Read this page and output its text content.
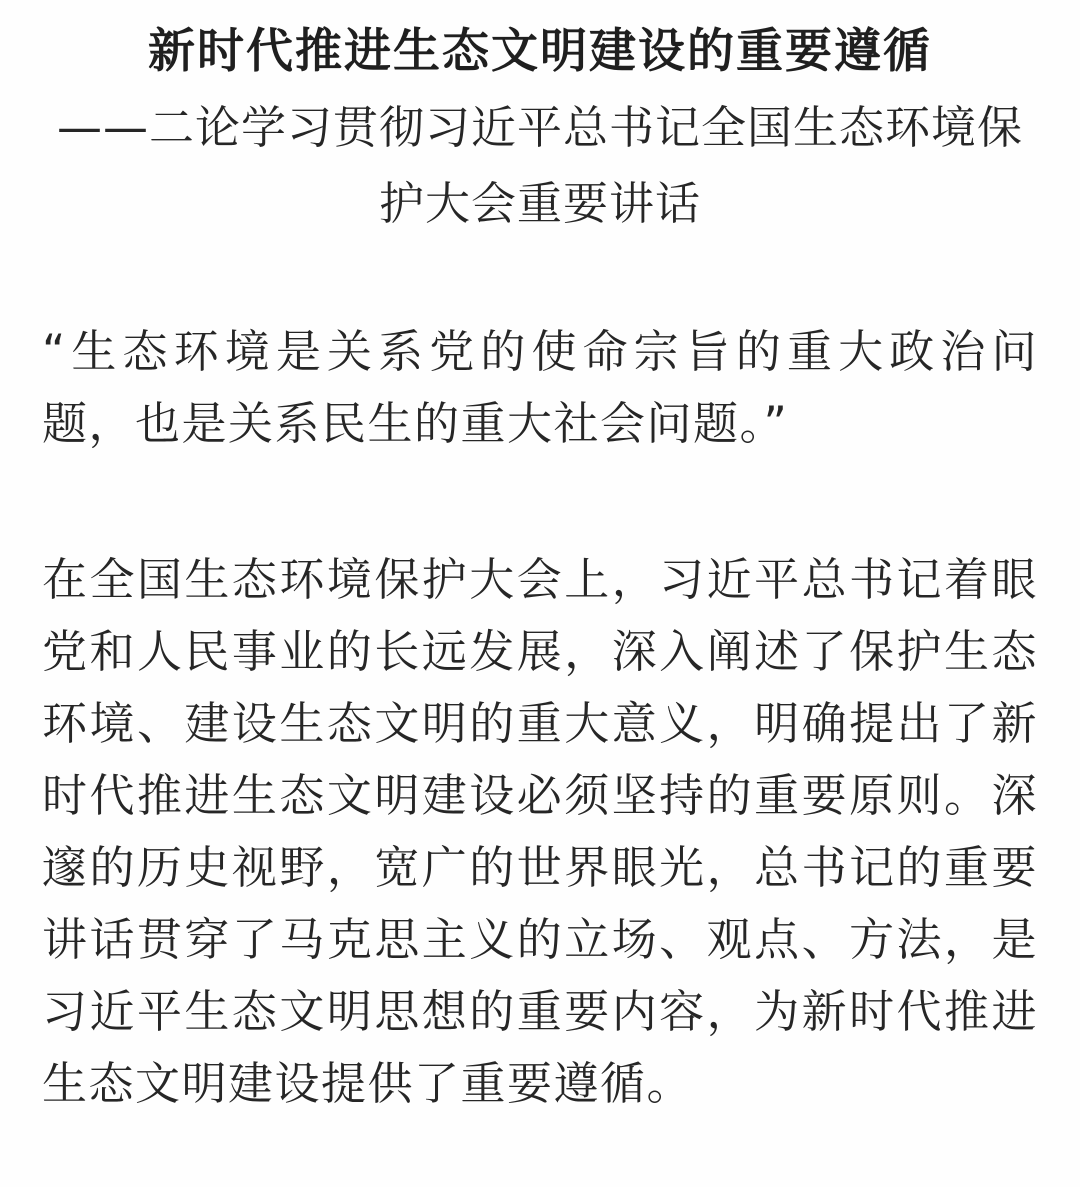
新时代推进生态文明建设的重要遵循
——二论学习贯彻习近平总书记全国生态环境保护大会重要讲话

“生态环境是关系党的使命宗旨的重大政治问题，也是关系民生的重大社会问题。”

在全国生态环境保护大会上，习近平总书记着眼党和人民事业的长远发展，深入阐述了保护生态环境、建设生态文明的重大意义，明确提出了新时代推进生态文明建设必须坚持的重要原则。深邃的历史视野，宽广的世界眼光，总书记的重要讲话贯穿了马克思主义的立场、观点、方法，是习近平生态文明思想的重要内容，为新时代推进生态文明建设提供了重要遵循。
